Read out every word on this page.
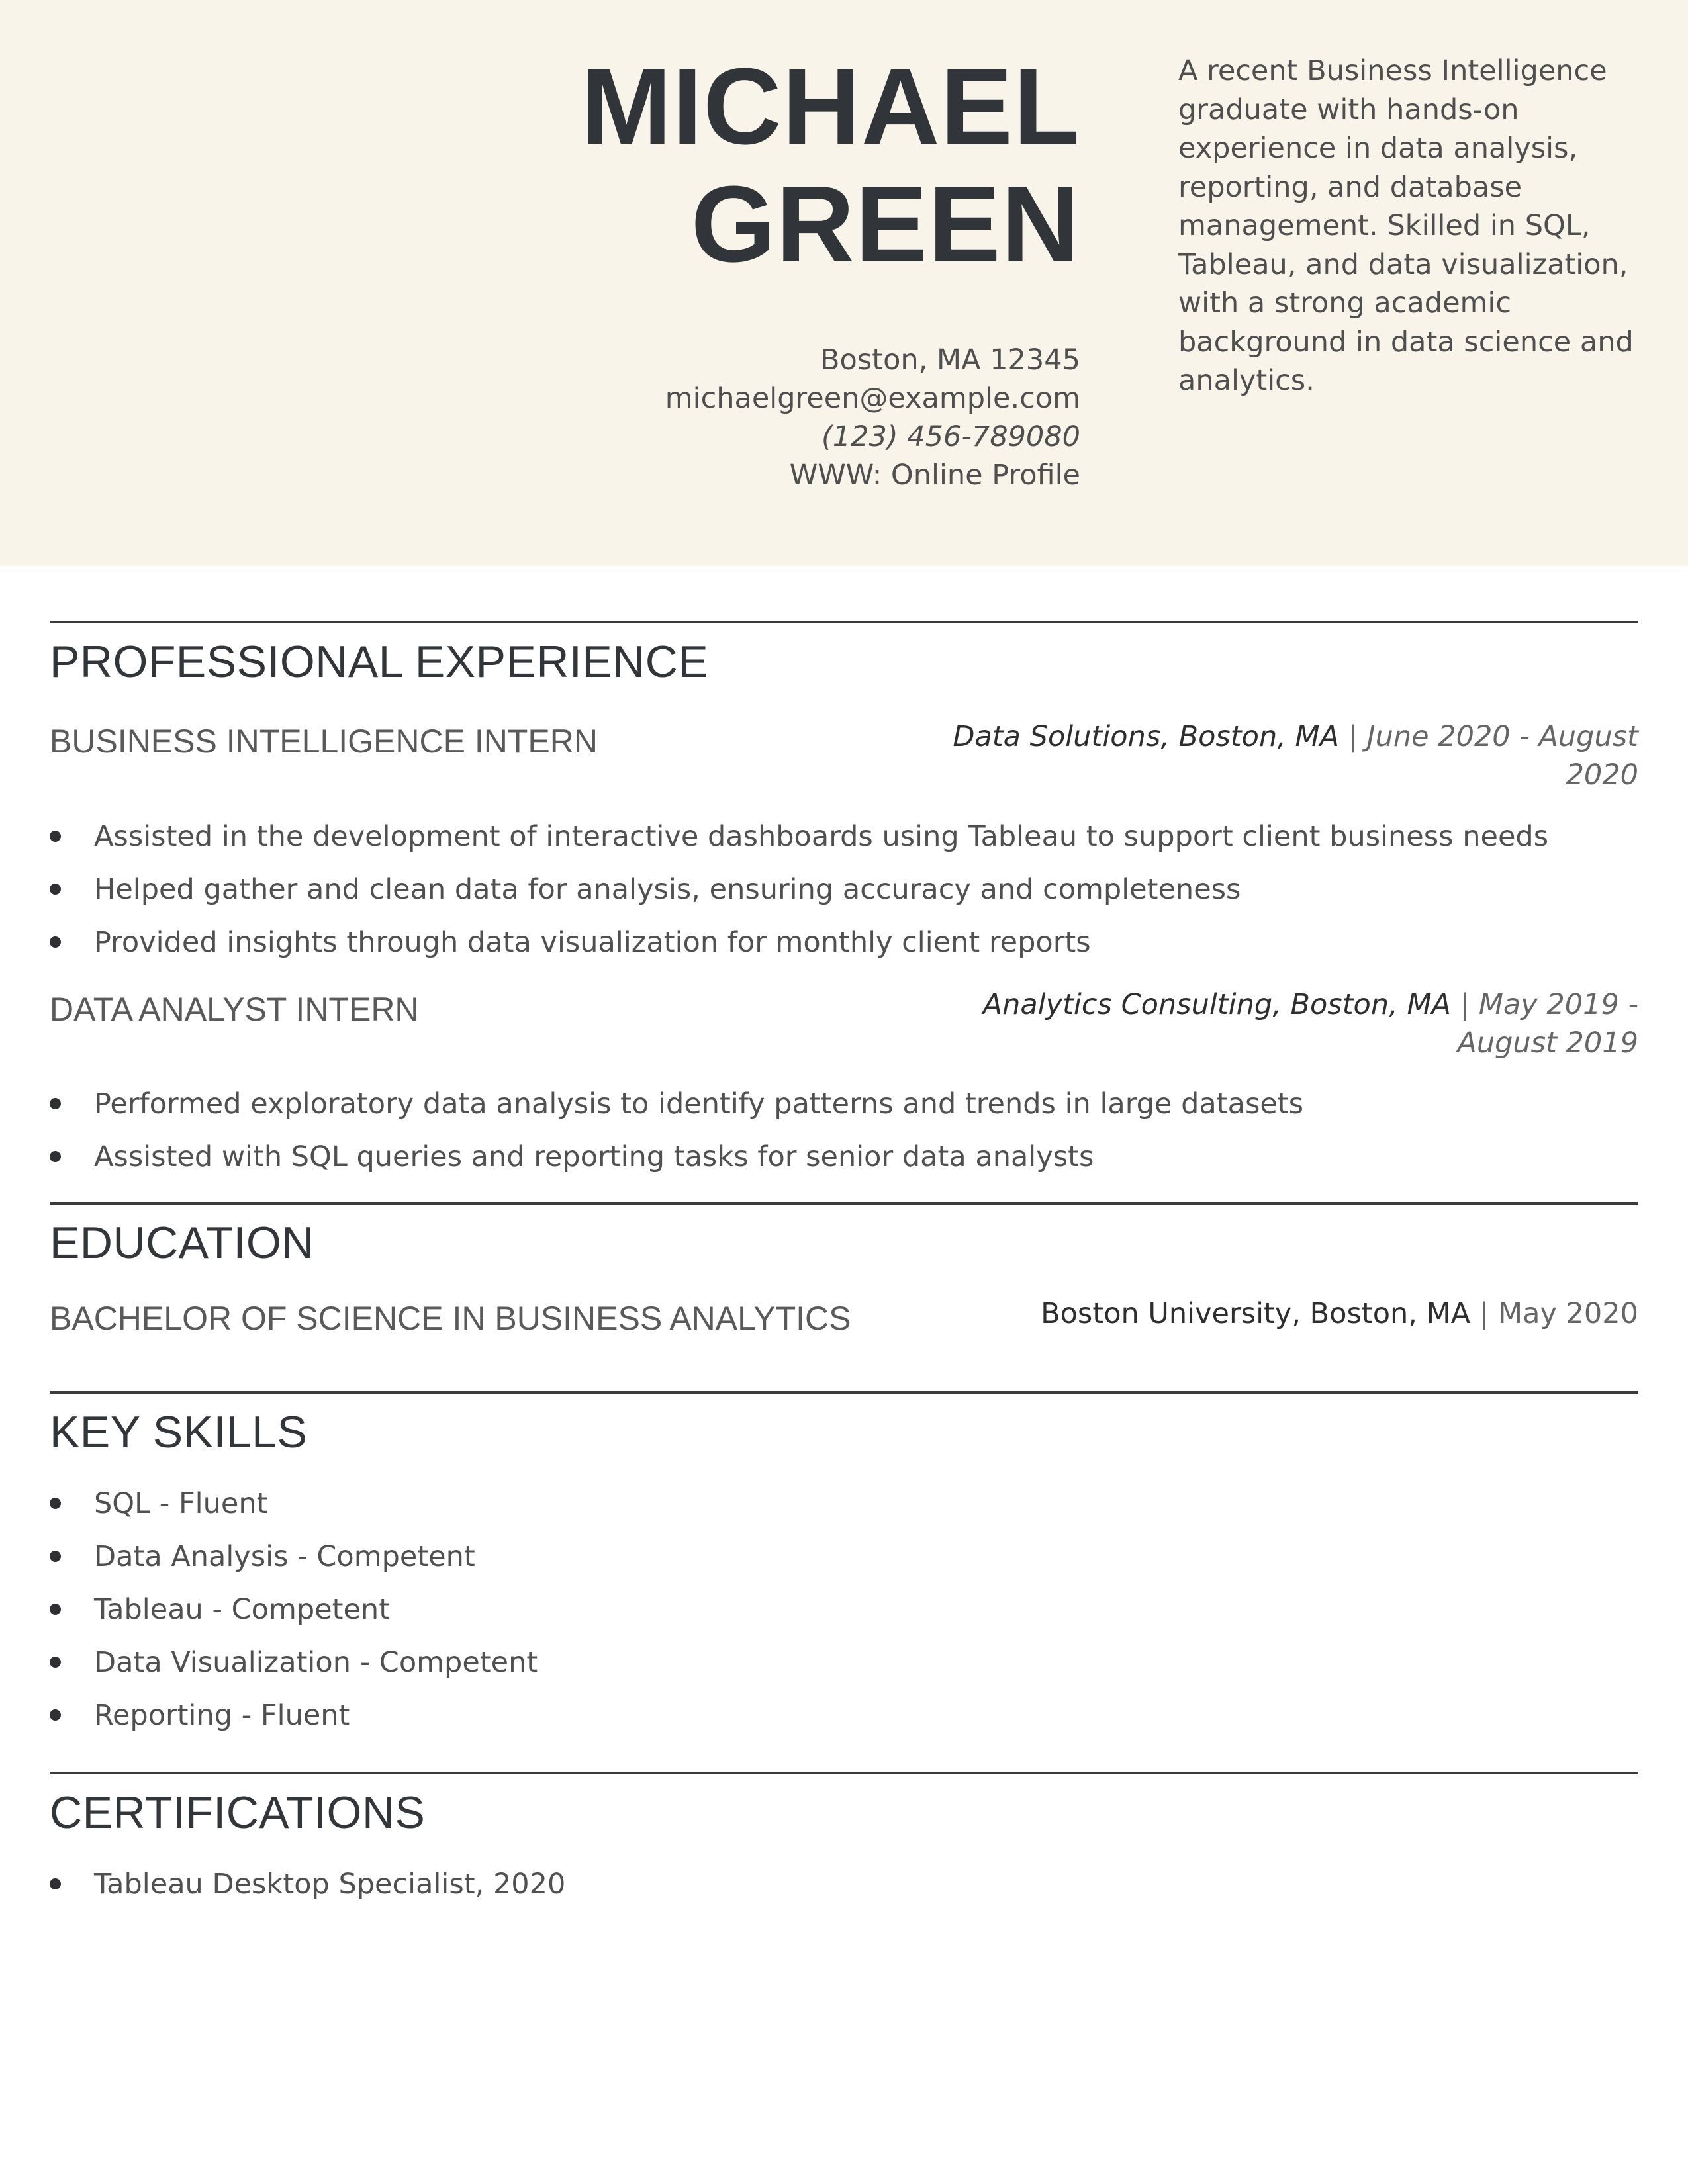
MICHAEL
GREEN
Boston, MA 12345
michaelgreen@example.com
(123) 456-789080
WWW: Online Profile
A recent Business Intelligence graduate with hands-on experience in data analysis, reporting, and database management. Skilled in SQL, Tableau, and data visualization, with a strong academic background in data science and analytics.
PROFESSIONAL EXPERIENCE
BUSINESS INTELLIGENCE INTERN	Data Solutions, Boston, MA | June 2020 - August 2020
Assisted in the development of interactive dashboards using Tableau to support client business needs
Helped gather and clean data for analysis, ensuring accuracy and completeness
Provided insights through data visualization for monthly client reports
DATA ANALYST INTERN	Analytics Consulting, Boston, MA | May 2019 - August 2019
Performed exploratory data analysis to identify patterns and trends in large datasets
Assisted with SQL queries and reporting tasks for senior data analysts
EDUCATION
BACHELOR OF SCIENCE IN BUSINESS ANALYTICS	Boston University, Boston, MA | May 2020
KEY SKILLS
SQL - Fluent
Data Analysis - Competent
Tableau - Competent
Data Visualization - Competent
Reporting - Fluent
CERTIFICATIONS
Tableau Desktop Specialist, 2020
